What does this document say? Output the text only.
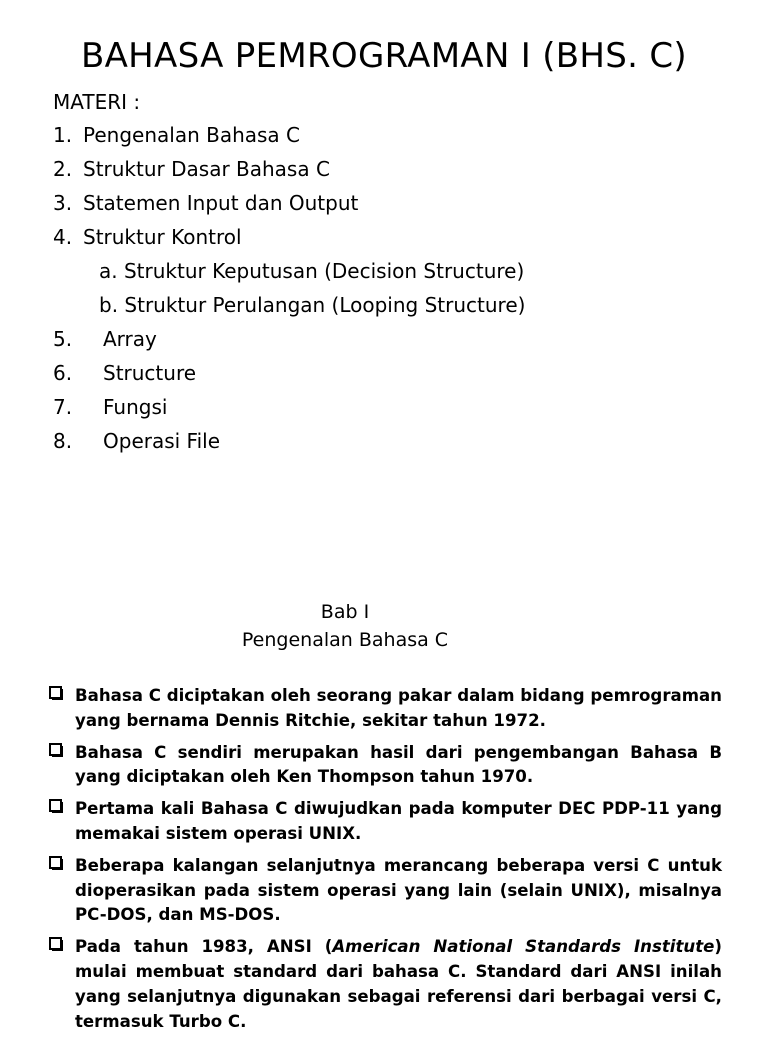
BAHASA PEMROGRAMAN I (BHS. C)
MATERI :
1. Pengenalan Bahasa C
2. Struktur Dasar Bahasa C
3. Statemen Input dan Output
4. Struktur Kontrol
a. Struktur Keputusan (Decision Structure)
b. Struktur Perulangan (Looping Structure)
5. Array
6. Structure
7. Fungsi
8. Operasi File
Bab I
Pengenalan Bahasa C
Bahasa C diciptakan oleh seorang pakar dalam bidang pemrograman yang bernama Dennis Ritchie, sekitar tahun 1972.
Bahasa C sendiri merupakan hasil dari pengembangan Bahasa B yang diciptakan oleh Ken Thompson tahun 1970.
Pertama kali Bahasa C diwujudkan pada komputer DEC PDP-11 yang memakai sistem operasi UNIX.
Beberapa kalangan selanjutnya merancang beberapa versi C untuk dioperasikan pada sistem operasi yang lain (selain UNIX), misalnya PC-DOS, dan MS-DOS.
Pada tahun 1983, ANSI (American National Standards Institute) mulai membuat standard dari bahasa C. Standard dari ANSI inilah yang selanjutnya digunakan sebagai referensi dari berbagai versi C, termasuk Turbo C.
